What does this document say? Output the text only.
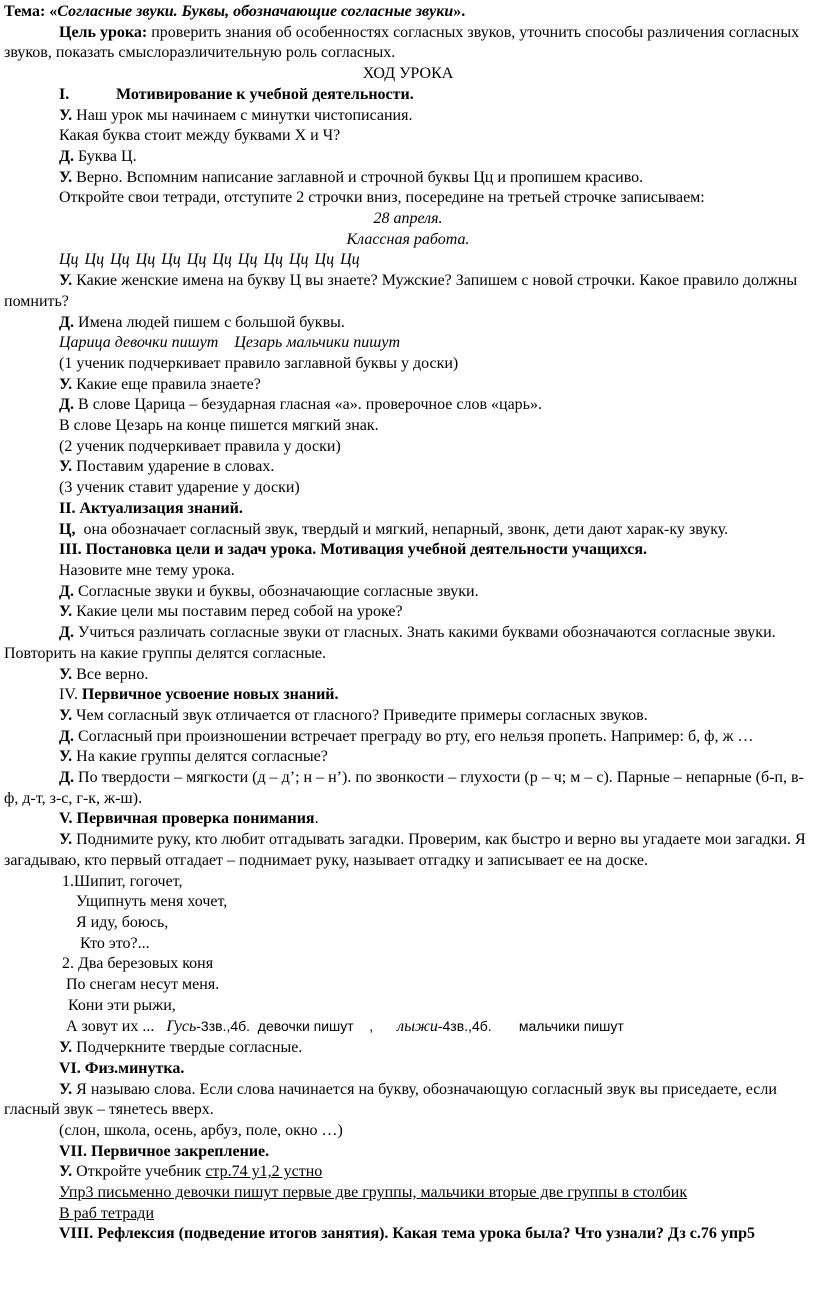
Тема: «Согласные звуки. Буквы, обозначающие согласные звуки».
Цель урока: проверить знания об особенностях согласных звуков, уточнить способы различения согласных звуков, показать смыслоразличительную роль согласных.
ХОД УРОКА
I.	Мотивирование к учебной деятельности.
У. Наш урок мы начинаем с минутки чистописания.
Какая буква стоит между буквами Х и Ч?
Д. Буква Ц.
У. Верно. Вспомним написание заглавной и строчной буквы Цц и пропишем красиво.
Откройте свои тетради, отступите 2 строчки вниз, посередине на третьей строчке записываем:
28 апреля.
Классная работа.
Цц Цц Цц Цц Цц Цц Цц Цц Цц Цц Цц Цц
У. Какие женские имена на букву Ц вы знаете? Мужские? Запишем с новой строчки. Какое правило должны помнить?
Д. Имена людей пишем с большой буквы.
Царица девочки пишут    Цезарь мальчики пишут
(1 ученик подчеркивает правило заглавной буквы у доски)
У. Какие еще правила знаете?
Д. В слове Царица – безударная гласная «а». проверочное слов «царь».
В слове Цезарь на конце пишется мягкий знак.
(2 ученик подчеркивает правила у доски)
У. Поставим ударение в словах.
(3 ученик ставит ударение у доски)
II. Актуализация знаний.
Ц,  она обозначает согласный звук, твердый и мягкий, непарный, звонк, дети дают харак-ку звуку.
III. Постановка цели и задач урока. Мотивация учебной деятельности учащихся.
Назовите мне тему урока.
Д. Согласные звуки и буквы, обозначающие согласные звуки.
У. Какие цели мы поставим перед собой на уроке?
Д. Учиться различать согласные звуки от гласных. Знать какими буквами обозначаются согласные звуки. Повторить на какие группы делятся согласные.
У. Все верно.
IV. Первичное усвоение новых знаний.
У. Чем согласный звук отличается от гласного? Приведите примеры согласных звуков.
Д. Согласный при произношении встречает преграду во рту, его нельзя пропеть. Например: б, ф, ж …
У. На какие группы делятся согласные?
Д. По твердости – мягкости (д – д’; н – н’). по звонкости – глухости (р – ч; м – с). Парные – непарные (б-п, в-ф, д-т, з-с, г-к, ж-ш).
V. Первичная проверка понимания.
У. Поднимите руку, кто любит отгадывать загадки. Проверим, как быстро и верно вы угадаете мои загадки. Я загадываю, кто первый отгадает – поднимает руку, называет отгадку и записывает ее на доске.
1.Шипит, гогочет,
Ущипнуть меня хочет,
Я иду, боюсь,
Кто это?...
2. Два березовых коня
По снегам несут меня.
Кони эти рыжи,
А зовут их ... Гусь-3зв.,4б.  девочки пишут    , лыжи-4зв.,4б.       мальчики пишут
У. Подчеркните твердые согласные.
VI. Физ.минутка.
У. Я называю слова. Если слова начинается на букву, обозначающую согласный звук вы приседаете, если гласный звук – тянетесь вверх.
(слон, школа, осень, арбуз, поле, окно …)
VII. Первичное закрепление.
У. Откройте учебник стр.74 у1,2 устно
Упр3 письменно девочки пишут первые две группы, мальчики вторые две группы в столбик
В раб тетради
VIII. Рефлексия (подведение итогов занятия). Какая тема урока была? Что узнали? Дз с.76 упр5
